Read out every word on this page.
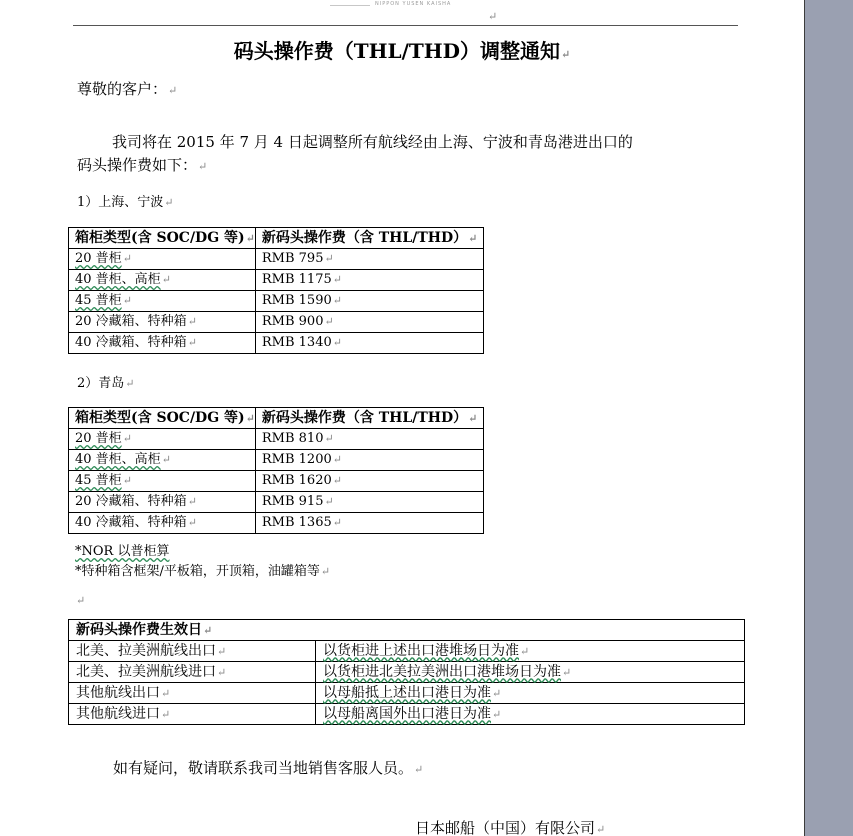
NIPPON YUSEN KAISHA
↵
码头操作费（THL/THD）调整通知↵
尊敬的客户：↵
我司将在 2015 年 7 月 4 日起调整所有航线经由上海、宁波和青岛港进出口的
码头操作费如下：↵
1）上海、宁波↵
箱柜类型(含 SOC/DG 等)↵	新码头操作费（含 THL/THD）↵
20 普柜↵	RMB 795↵
40 普柜、高柜↵	RMB 1175↵
45 普柜↵	RMB 1590↵
20 冷藏箱、特种箱↵	RMB 900↵
40 冷藏箱、特种箱↵	RMB 1340↵
2）青岛↵
箱柜类型(含 SOC/DG 等)↵	新码头操作费（含 THL/THD）↵
20 普柜↵	RMB 810↵
40 普柜、高柜↵	RMB 1200↵
45 普柜↵	RMB 1620↵
20 冷藏箱、特种箱↵	RMB 915↵
40 冷藏箱、特种箱↵	RMB 1365↵
*NOR 以普柜算
*特种箱含框架/平板箱，开顶箱，油罐箱等↵
↵
新码头操作费生效日↵	
北美、拉美洲航线出口↵	以货柜进上述出口港堆场日为准↵
北美、拉美洲航线进口↵	以货柜进北美拉美洲出口港堆场日为准↵
其他航线出口↵	以母船抵上述出口港日为准↵
其他航线进口↵	以母船离国外出口港日为准↵
如有疑问，敬请联系我司当地销售客服人员。↵
日本邮船（中国）有限公司↵
